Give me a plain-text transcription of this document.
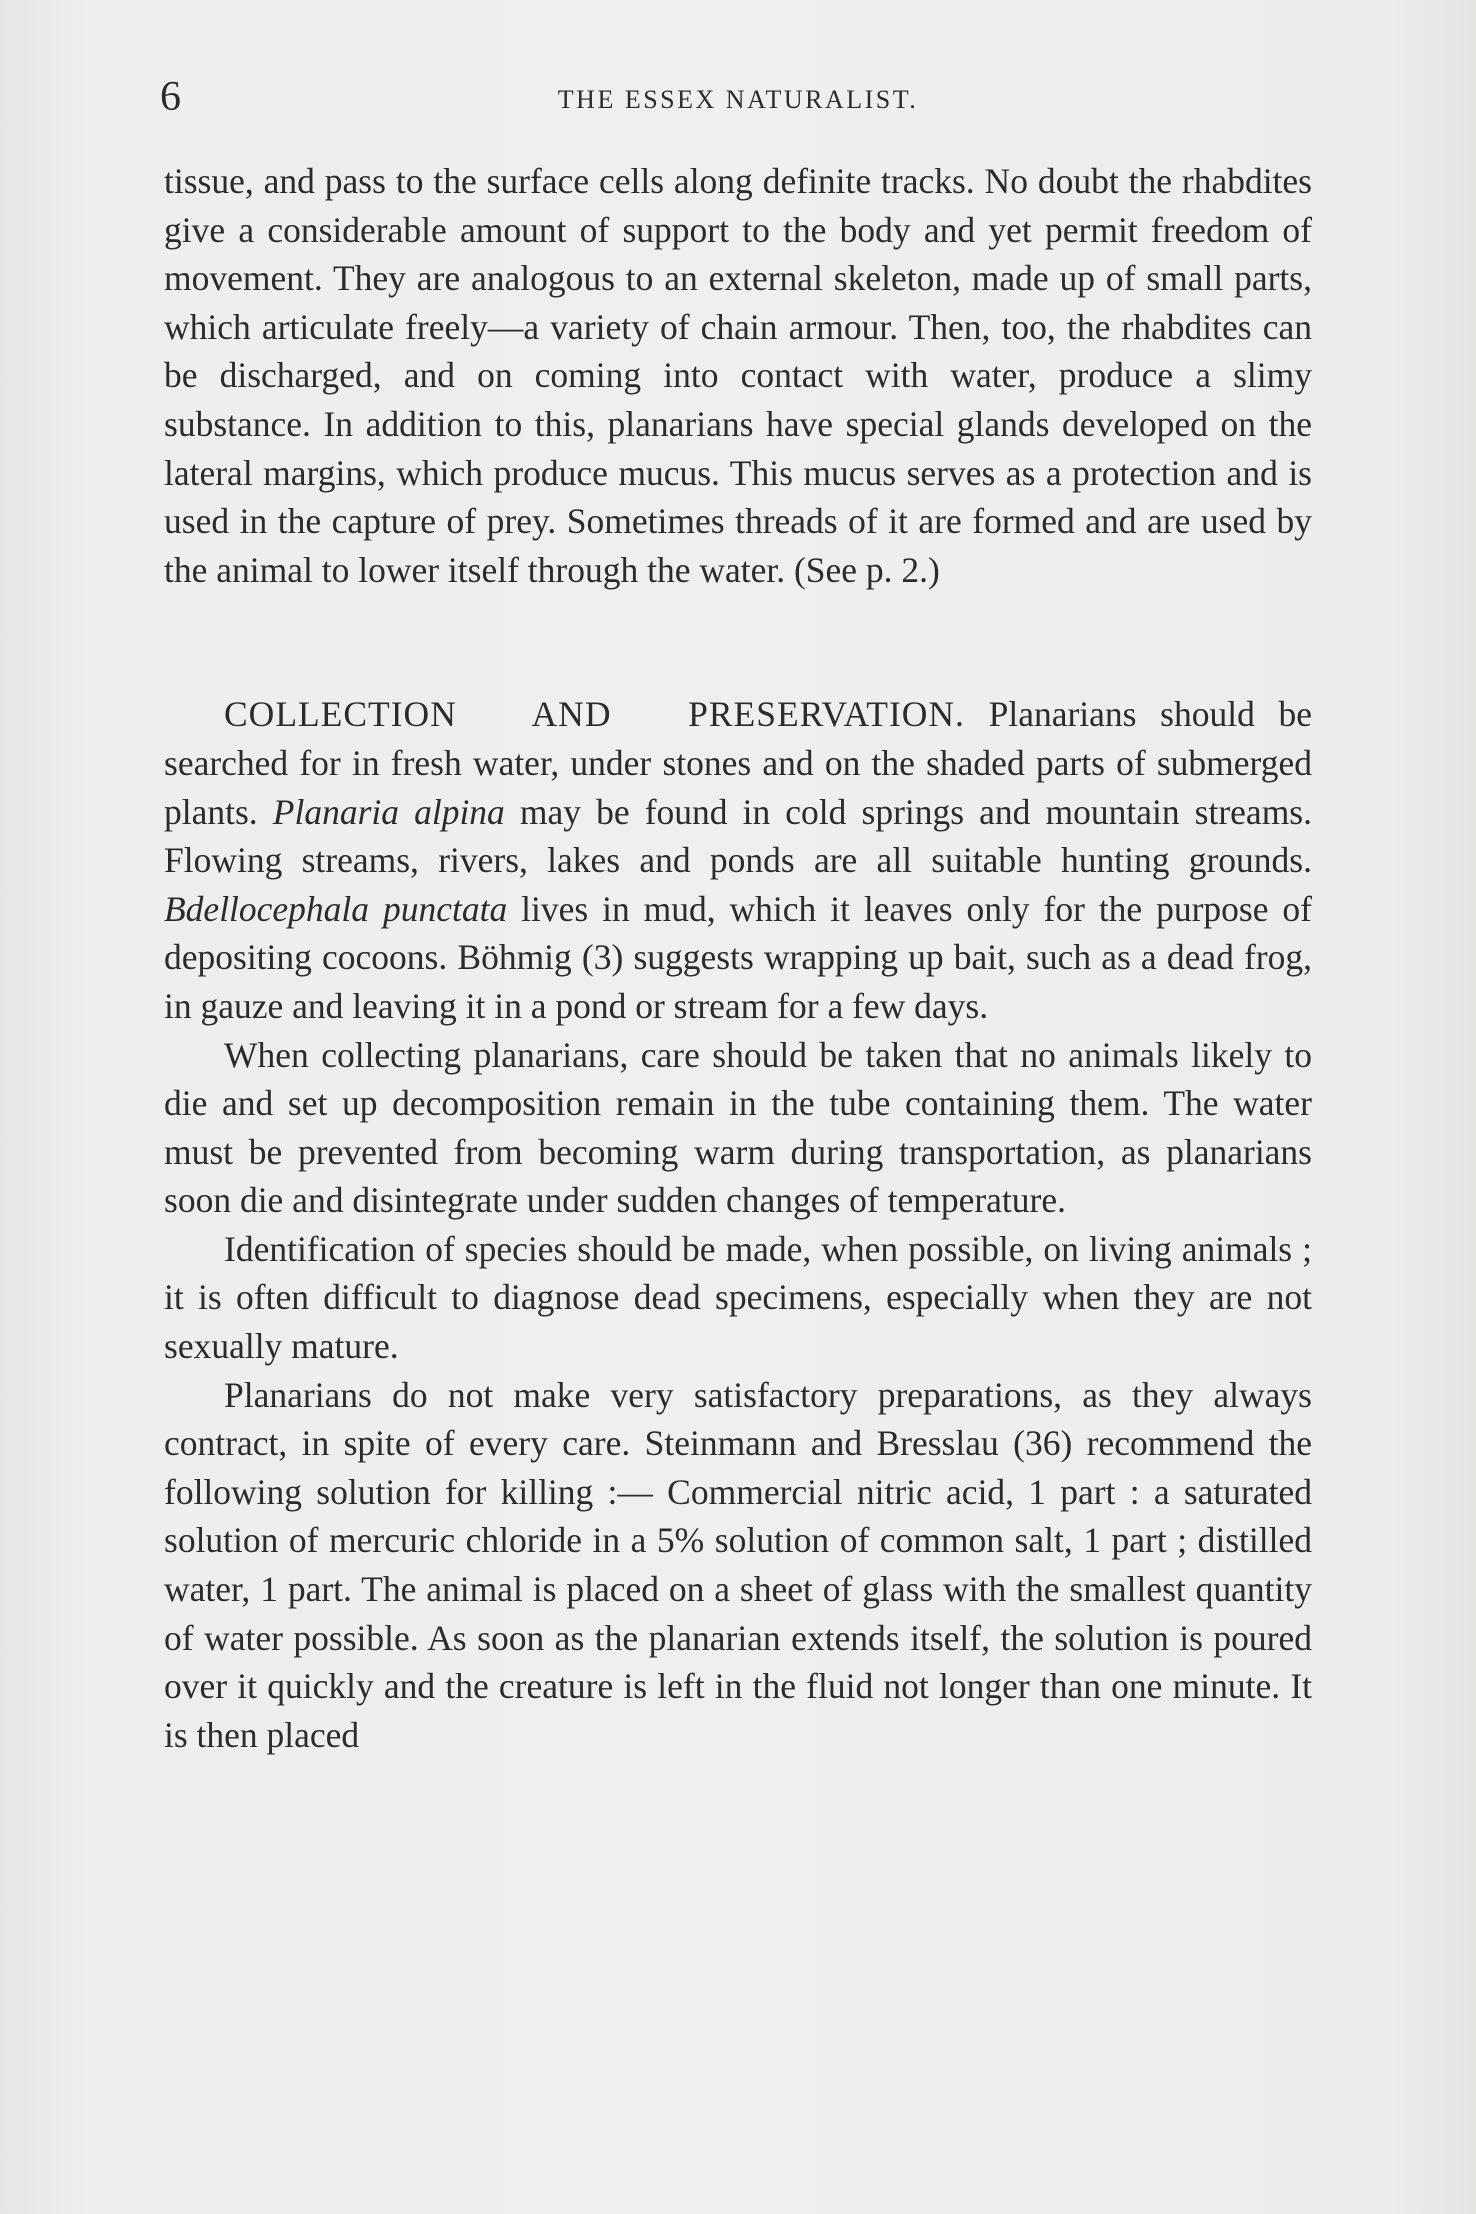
6	THE ESSEX NATURALIST.

tissue, and pass to the surface cells along definite tracks. No doubt the rhabdites give a considerable amount of support to the body and yet permit freedom of movement. They are analogous to an external skeleton, made up of small parts, which articulate freely—a variety of chain armour. Then, too, the rhabdites can be discharged, and on coming into contact with water, produce a slimy substance. In addition to this, planarians have special glands developed on the lateral margins, which produce mucus. This mucus serves as a protection and is used in the capture of prey. Sometimes threads of it are formed and are used by the animal to lower itself through the water. (See p. 2.)

COLLECTION AND PRESERVATION. Planarians should be searched for in fresh water, under stones and on the shaded parts of submerged plants. Planaria alpina may be found in cold springs and mountain streams. Flowing streams, rivers, lakes and ponds are all suitable hunting grounds. Bdellocephala punctata lives in mud, which it leaves only for the purpose of depositing cocoons. Böhmig (3) suggests wrapping up bait, such as a dead frog, in gauze and leaving it in a pond or stream for a few days.

When collecting planarians, care should be taken that no animals likely to die and set up decomposition remain in the tube containing them. The water must be prevented from becoming warm during transportation, as planarians soon die and disintegrate under sudden changes of temperature.

Identification of species should be made, when possible, on living animals ; it is often difficult to diagnose dead specimens, especially when they are not sexually mature.

Planarians do not make very satisfactory preparations, as they always contract, in spite of every care. Steinmann and Bresslau (36) recommend the following solution for killing :— Commercial nitric acid, 1 part : a saturated solution of mercuric chloride in a 5% solution of common salt, 1 part ; distilled water, 1 part. The animal is placed on a sheet of glass with the smallest quantity of water possible. As soon as the planarian extends itself, the solution is poured over it quickly and the creature is left in the fluid not longer than one minute. It is then placed
